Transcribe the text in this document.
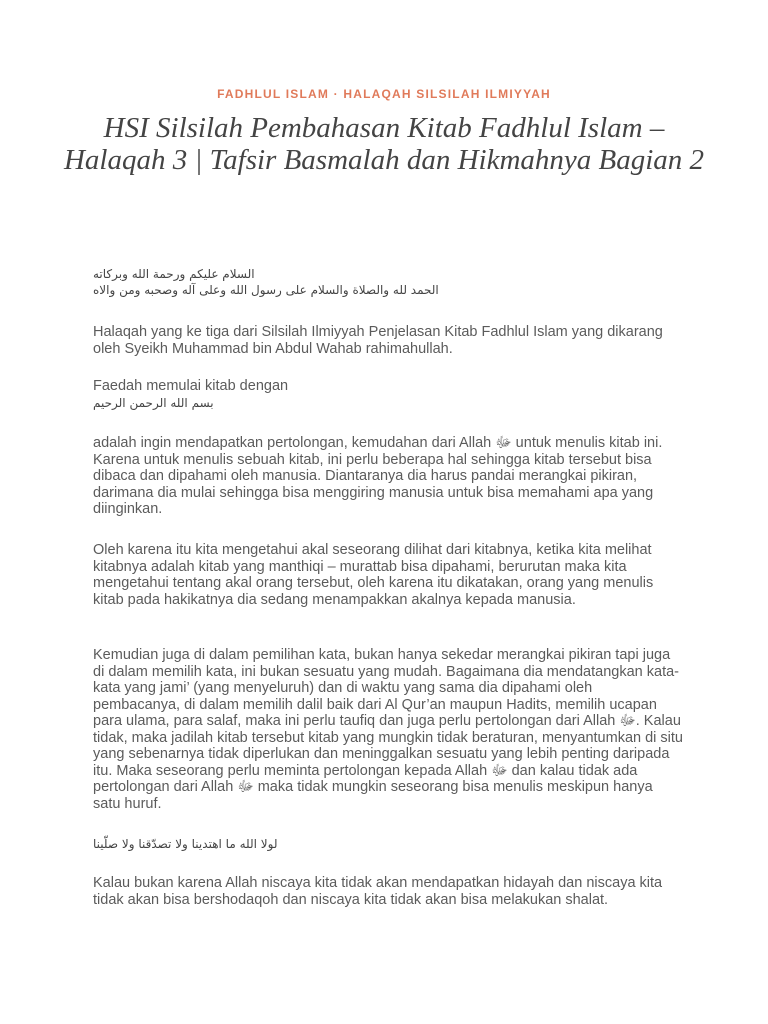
FADHLUL ISLAM · HALAQAH SILSILAH ILMIYYAH
HSI Silsilah Pembahasan Kitab Fadhlul Islam – Halaqah 3 | Tafsir Basmalah dan Hikmahnya Bagian 2

السلام عليكم ورحمة الله وبركاته

الحمد لله والصلاة والسلام على رسول الله وعلى آله وصحبه ومن والاه

Halaqah yang ke tiga dari Silsilah Ilmiyyah Penjelasan Kitab Fadhlul Islam yang dikarang oleh Syeikh Muhammad bin Abdul Wahab rahimahullah.

Faedah memulai kitab dengan

بسم الله الرحمن الرحيم

adalah ingin mendapatkan pertolongan, kemudahan dari Allah ﷻ untuk menulis kitab ini. Karena untuk menulis sebuah kitab, ini perlu beberapa hal sehingga kitab tersebut bisa dibaca dan dipahami oleh manusia. Diantaranya dia harus pandai merangkai pikiran, darimana dia mulai sehingga bisa menggiring manusia untuk bisa memahami apa yang diinginkan.

Oleh karena itu kita mengetahui akal seseorang dilihat dari kitabnya, ketika kita melihat kitabnya adalah kitab yang manthiqi – murattab bisa dipahami, berurutan maka kita mengetahui tentang akal orang tersebut, oleh karena itu dikatakan, orang yang menulis kitab pada hakikatnya dia sedang menampakkan akalnya kepada manusia.

Kemudian juga di dalam pemilihan kata, bukan hanya sekedar merangkai pikiran tapi juga di dalam memilih kata, ini bukan sesuatu yang mudah. Bagaimana dia mendatangkan kata-kata yang jami’ (yang menyeluruh) dan di waktu yang sama dia dipahami oleh pembacanya, di dalam memilih dalil baik dari Al Qur’an maupun Hadits, memilih ucapan para ulama, para salaf, maka ini perlu taufiq dan juga perlu pertolongan dari Allah ﷻ. Kalau tidak, maka jadilah kitab tersebut kitab yang mungkin tidak beraturan, menyantumkan di situ yang sebenarnya tidak diperlukan dan meninggalkan sesuatu yang lebih penting daripada itu. Maka seseorang perlu meminta pertolongan kepada Allah ﷻ dan kalau tidak ada pertolongan dari Allah ﷻ maka tidak mungkin seseorang bisa menulis meskipun hanya satu huruf.

لولا الله ما اهتدينا ولا تصدّقنا ولا صلّينا

Kalau bukan karena Allah niscaya kita tidak akan mendapatkan hidayah dan niscaya kita tidak akan bisa bershodaqoh dan niscaya kita tidak akan bisa melakukan shalat.
